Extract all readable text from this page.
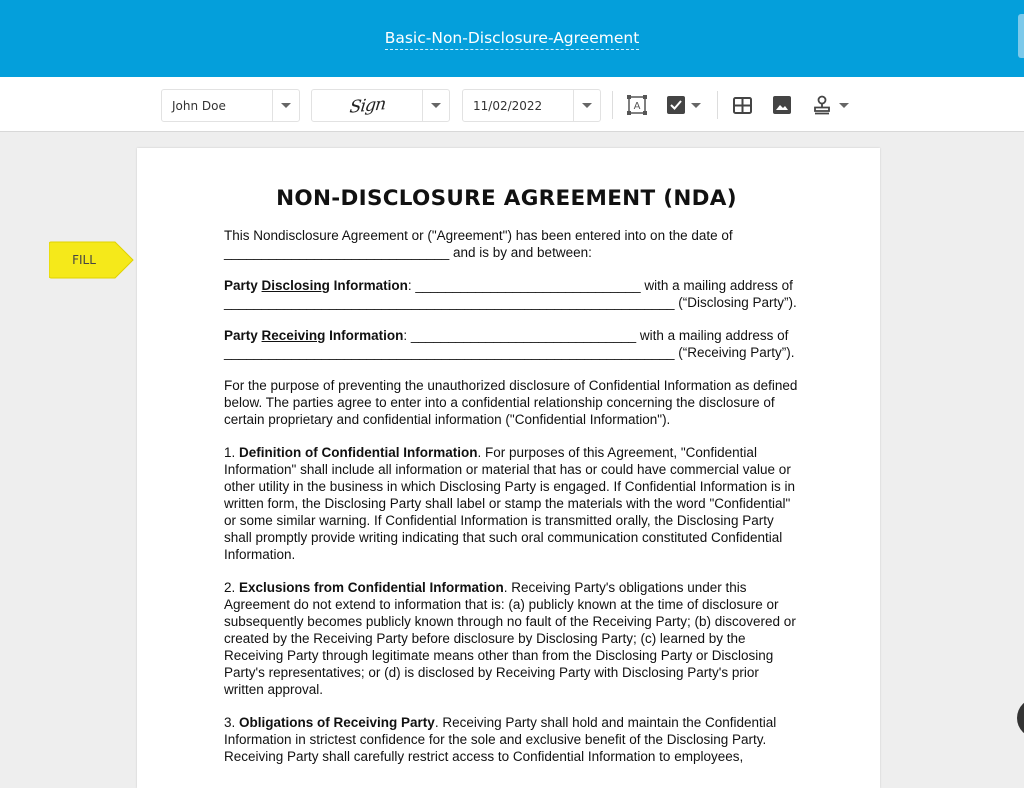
Basic-Non-Disclosure-Agreement
John Doe	Sign	11/02/2022	A
FILL
NON-DISCLOSURE AGREEMENT (NDA)

This Nondisclosure Agreement or ("Agreement") has been entered into on the date of
______________________________ and is by and between:

Party Disclosing Information: ______________________________ with a mailing address of
____________________________________________________________ (“Disclosing Party”).

Party Receiving Information: ______________________________ with a mailing address of
____________________________________________________________ (“Receiving Party”).

For the purpose of preventing the unauthorized disclosure of Confidential Information as defined below. The parties agree to enter into a confidential relationship concerning the disclosure of certain proprietary and confidential information ("Confidential Information").

1. Definition of Confidential Information. For purposes of this Agreement, "Confidential Information" shall include all information or material that has or could have commercial value or other utility in the business in which Disclosing Party is engaged. If Confidential Information is in written form, the Disclosing Party shall label or stamp the materials with the word "Confidential" or some similar warning. If Confidential Information is transmitted orally, the Disclosing Party shall promptly provide writing indicating that such oral communication constituted Confidential Information.

2. Exclusions from Confidential Information. Receiving Party's obligations under this Agreement do not extend to information that is: (a) publicly known at the time of disclosure or subsequently becomes publicly known through no fault of the Receiving Party; (b) discovered or created by the Receiving Party before disclosure by Disclosing Party; (c) learned by the Receiving Party through legitimate means other than from the Disclosing Party or Disclosing Party's representatives; or (d) is disclosed by Receiving Party with Disclosing Party's prior written approval.

3. Obligations of Receiving Party. Receiving Party shall hold and maintain the Confidential Information in strictest confidence for the sole and exclusive benefit of the Disclosing Party. Receiving Party shall carefully restrict access to Confidential Information to employees,
